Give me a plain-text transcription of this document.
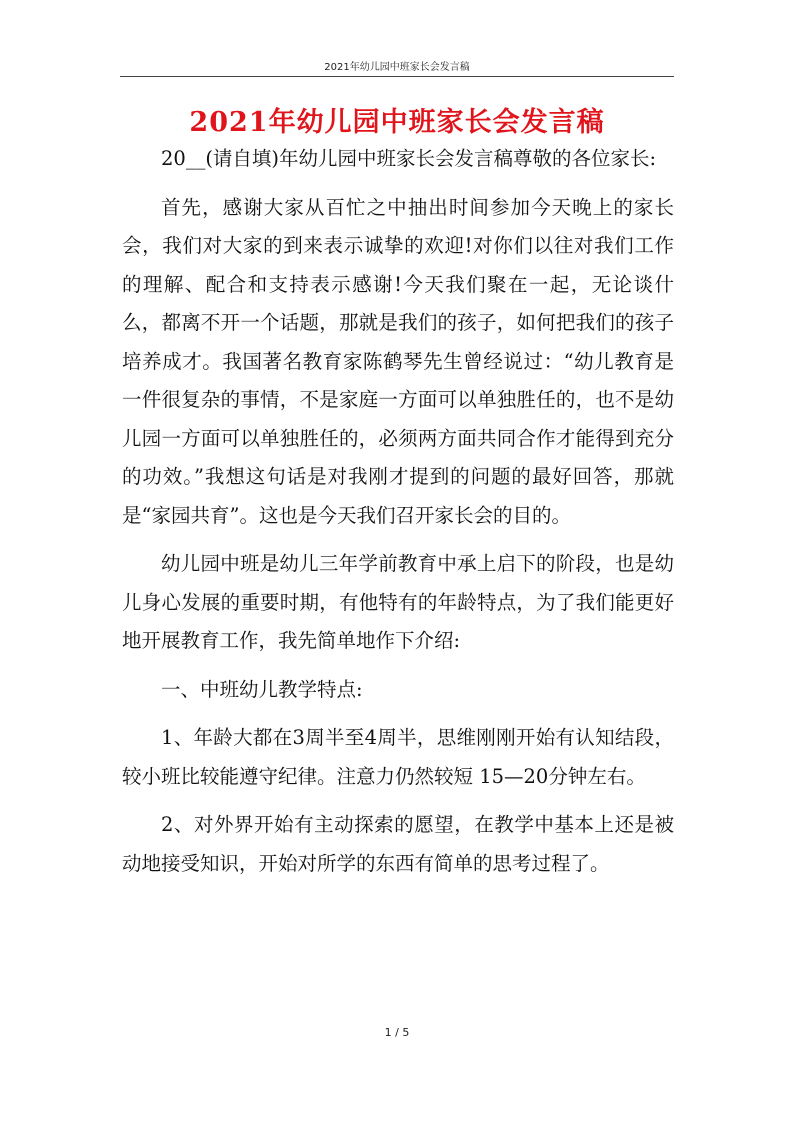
2021年幼儿园中班家长会发言稿
2021年幼儿园中班家长会发言稿

20__(请自填)年幼儿园中班家长会发言稿尊敬的各位家长:

首先，感谢大家从百忙之中抽出时间参加今天晚上的家长会，我们对大家的到来表示诚挚的欢迎!对你们以往对我们工作的理解、配合和支持表示感谢!今天我们聚在一起，无论谈什么，都离不开一个话题，那就是我们的孩子，如何把我们的孩子培养成才。我国著名教育家陈鹤琴先生曾经说过：“幼儿教育是一件很复杂的事情，不是家庭一方面可以单独胜任的，也不是幼儿园一方面可以单独胜任的，必须两方面共同合作才能得到充分的功效。”我想这句话是对我刚才提到的问题的最好回答，那就是“家园共育”。这也是今天我们召开家长会的目的。

幼儿园中班是幼儿三年学前教育中承上启下的阶段，也是幼儿身心发展的重要时期，有他特有的年龄特点，为了我们能更好地开展教育工作，我先简单地作下介绍:

一、中班幼儿教学特点:

1、年龄大都在3周半至4周半，思维刚刚开始有认知结段，较小班比较能遵守纪律。注意力仍然较短 15—20分钟左右。

2、对外界开始有主动探索的愿望，在教学中基本上还是被动地接受知识，开始对所学的东西有简单的思考过程了。

1 / 5
